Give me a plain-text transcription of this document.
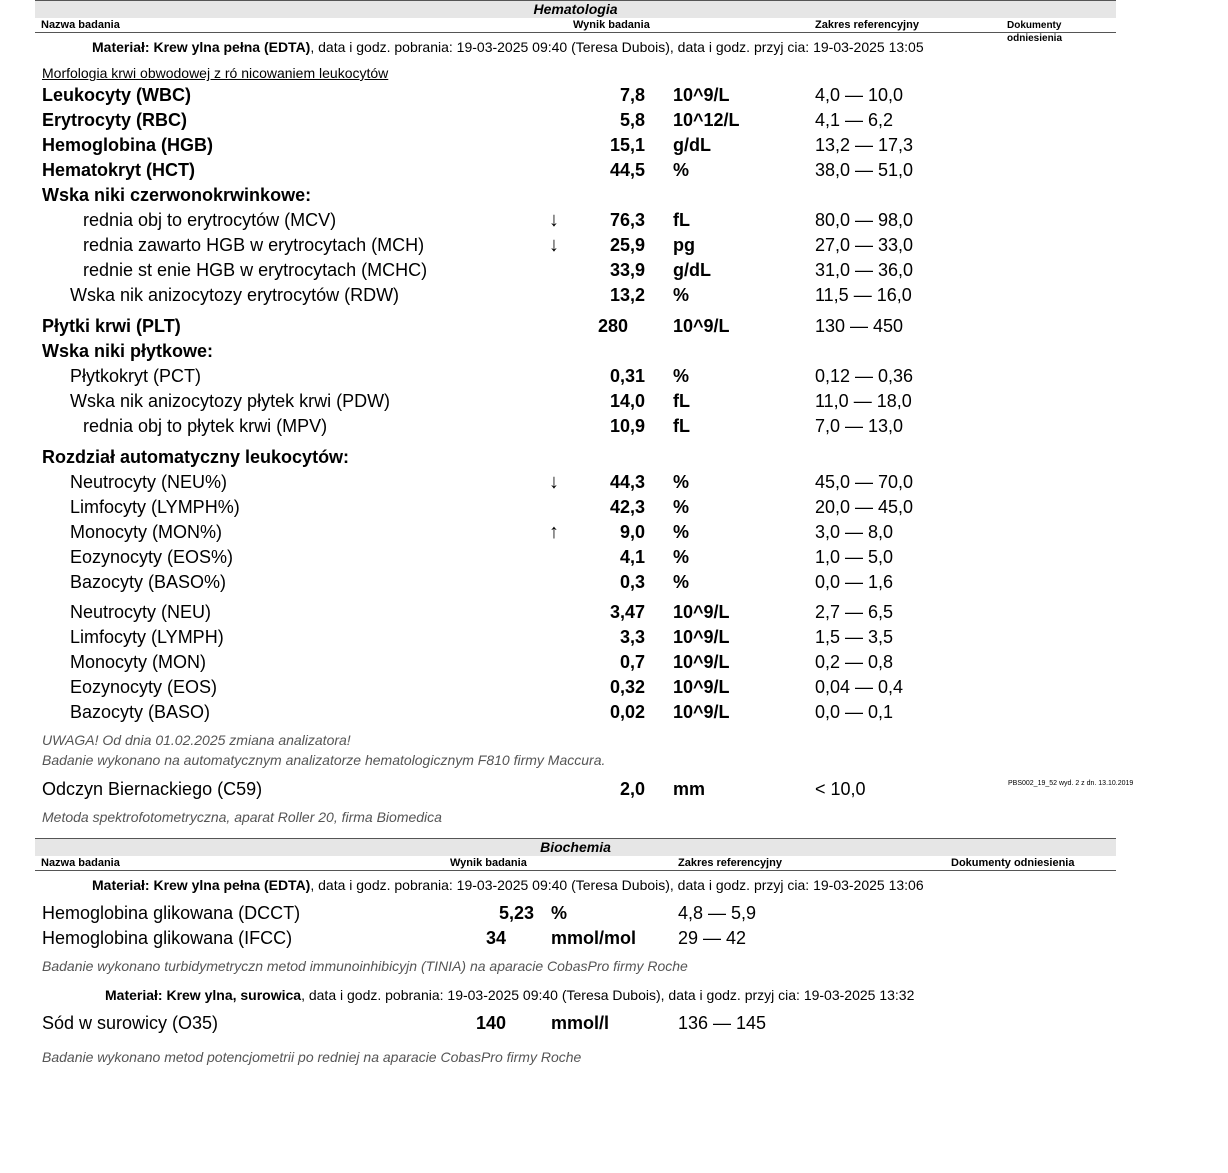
Hematologia
Nazwa badania	Wynik badania	Zakres referencyjny	Dokumenty odniesienia
Materiał: Krew ylna pełna (EDTA), data i godz. pobrania: 19-03-2025 09:40 (Teresa Dubois), data i godz. przyj cia: 19-03-2025 13:05
Morfologia krwi obwodowej z ró nicowaniem leukocytów
Leukocyty (WBC)	7,8 10^9/L	4,0 — 10,0
Erytrocyty (RBC)	5,8 10^12/L	4,1 — 6,2
Hemoglobina (HGB)	15,1 g/dL	13,2 — 17,3
Hematokryt (HCT)	44,5 %	38,0 — 51,0
Wska niki czerwonokrwinkowe:
rednia obj to erytrocytów (MCV)	↓	76,3 fL	80,0 — 98,0
rednia zawarto HGB w erytrocytach (MCH)	↓	25,9 pg	27,0 — 33,0
rednie st enie HGB w erytrocytach (MCHC)	33,9 g/dL	31,0 — 36,0
Wska nik anizocytozy erytrocytów (RDW)	13,2 %	11,5 — 16,0
Płytki krwi (PLT)	280	10^9/L	130 — 450
Wska niki płytkowe:
Płytkokryt (PCT)	0,31 %	0,12 — 0,36
Wska nik anizocytozy płytek krwi (PDW)	14,0 fL	11,0 — 18,0
rednia obj to płytek krwi (MPV)	10,9 fL	7,0 — 13,0
Rozdział automatyczny leukocytów:
Neutrocyty (NEU%)	↓	44,3 %	45,0 — 70,0
Limfocyty (LYMPH%)	42,3 %	20,0 — 45,0
Monocyty (MON%)	↑	9,0 %	3,0 — 8,0
Eozynocyty (EOS%)	4,1 %	1,0 — 5,0
Bazocyty (BASO%)	0,3 %	0,0 — 1,6
Neutrocyty (NEU)	3,47 10^9/L	2,7 — 6,5
Limfocyty (LYMPH)	3,3 10^9/L	1,5 — 3,5
Monocyty (MON)	0,7 10^9/L	0,2 — 0,8
Eozynocyty (EOS)	0,32 10^9/L	0,04 — 0,4
Bazocyty (BASO)	0,02 10^9/L	0,0 — 0,1
UWAGA! Od dnia 01.02.2025 zmiana analizatora!
Badanie wykonano na automatycznym analizatorze hematologicznym F810 firmy Maccura.
Odczyn Biernackiego (C59)	2,0 mm	< 10,0	PBS002_19_52 wyd. 2 z dn. 13.10.2019
Metoda spektrofotometryczna, aparat Roller 20, firma Biomedica
Biochemia
Nazwa badania	Wynik badania	Zakres referencyjny	Dokumenty odniesienia
Materiał: Krew ylna pełna (EDTA), data i godz. pobrania: 19-03-2025 09:40 (Teresa Dubois), data i godz. przyj cia: 19-03-2025 13:06
Hemoglobina glikowana (DCCT)	5,23 %	4,8 — 5,9
Hemoglobina glikowana (IFCC)	34	mmol/mol 29 — 42
Badanie wykonano turbidymetryczn metod immunoinhibicyjn (TINIA) na aparacie CobasPro firmy Roche
Materiał: Krew ylna, surowica, data i godz. pobrania: 19-03-2025 09:40 (Teresa Dubois), data i godz. przyj cia: 19-03-2025 13:32
Sód w surowicy (O35)	140	mmol/l	136 — 145
Badanie wykonano metod potencjometrii po redniej na aparacie CobasPro firmy Roche
